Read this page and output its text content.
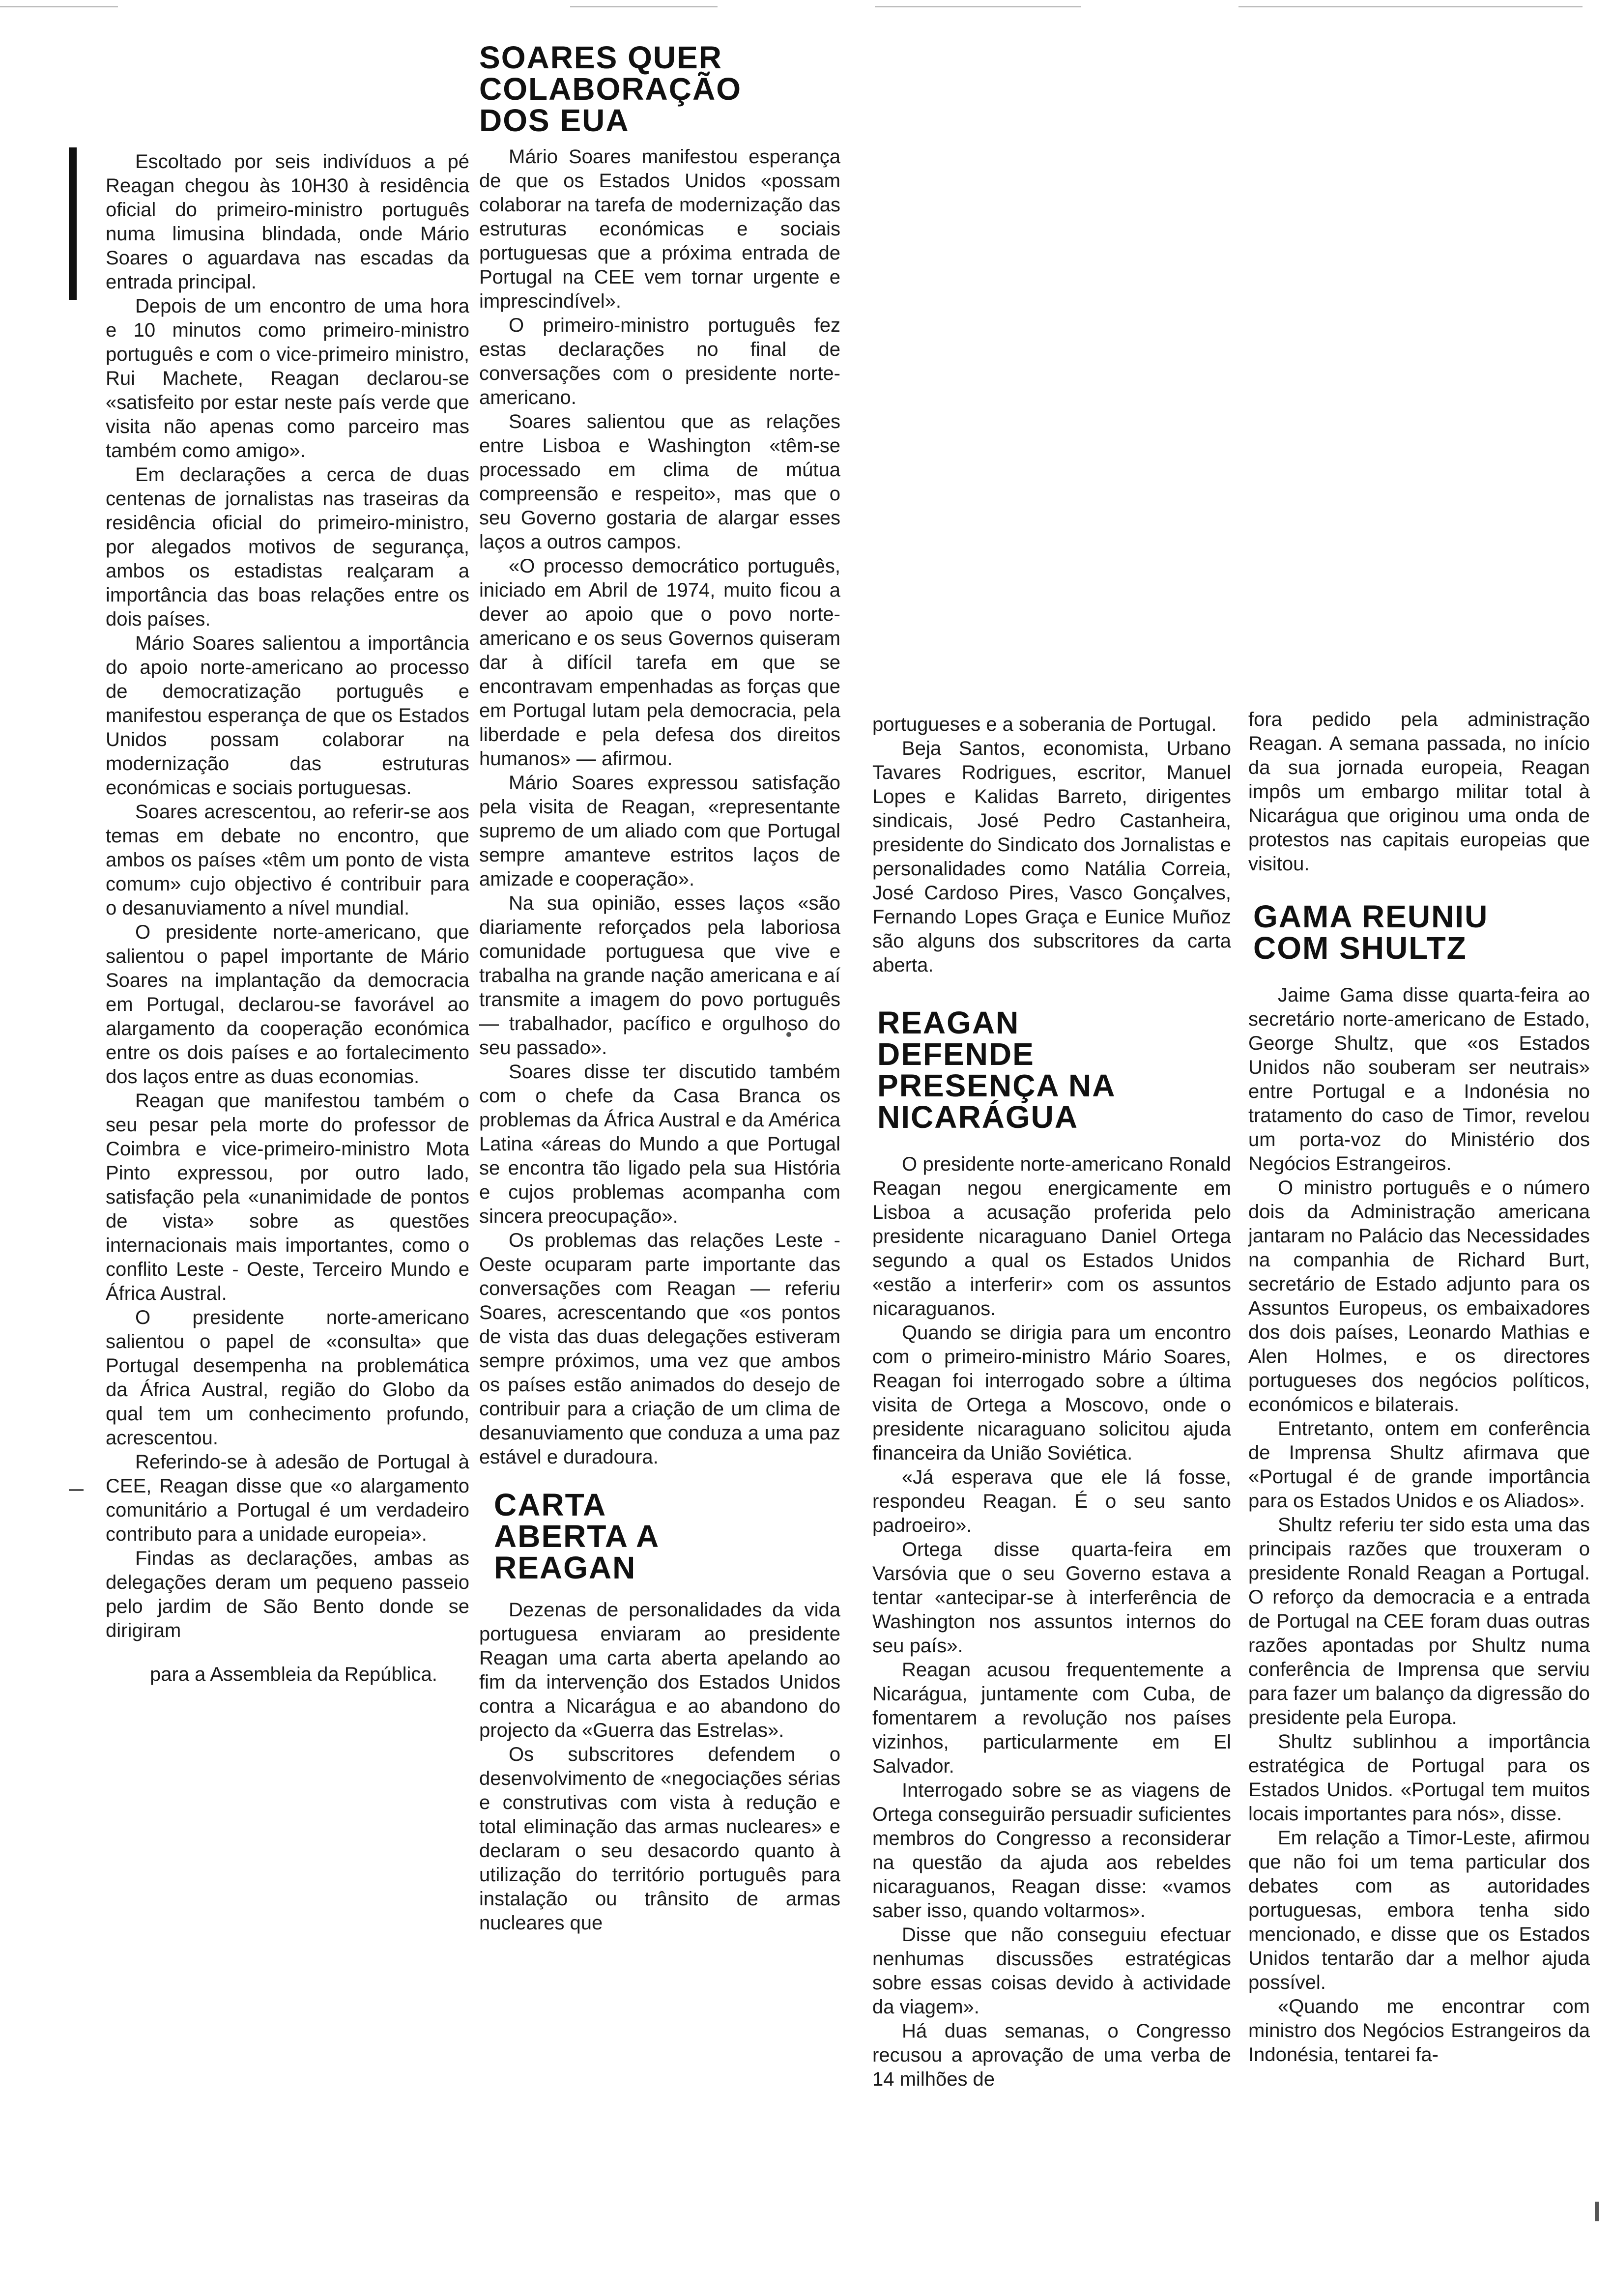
Escoltado por seis indivíduos a pé Reagan chegou às 10H30 à residência oficial do primeiro-ministro português numa limusina blindada, onde Mário Soares o aguardava nas escadas da entrada principal.

Depois de um encontro de uma hora e 10 minutos como primeiro-ministro português e com o vice-primeiro ministro, Rui Machete, Reagan declarou-se «satisfeito por estar neste país verde que visita não apenas como parceiro mas também como amigo».

Em declarações a cerca de duas centenas de jornalistas nas traseiras da residência oficial do primeiro-ministro, por alegados motivos de segurança, ambos os estadistas realçaram a importância das boas relações entre os dois países.

Mário Soares salientou a importância do apoio norte-americano ao processo de democratização português e manifestou esperança de que os Estados Unidos possam colaborar na modernização das estruturas económicas e sociais portuguesas.

Soares acrescentou, ao referir-se aos temas em debate no encontro, que ambos os países «têm um ponto de vista comum» cujo objectivo é contribuir para o desanuviamento a nível mundial.

O presidente norte-americano, que salientou o papel importante de Mário Soares na implantação da democracia em Portugal, declarou-se favorável ao alargamento da cooperação económica entre os dois países e ao fortalecimento dos laços entre as duas economias.

Reagan que manifestou também o seu pesar pela morte do professor de Coimbra e vice-primeiro-ministro Mota Pinto expressou, por outro lado, satisfação pela «unanimidade de pontos de vista» sobre as questões internacionais mais importantes, como o conflito Leste - Oeste, Terceiro Mundo e África Austral.

O presidente norte-americano salientou o papel de «consulta» que Portugal desempenha na problemática da África Austral, região do Globo da qual tem um conhecimento profundo, acrescentou.

Referindo-se à adesão de Portugal à CEE, Reagan disse que «o alargamento comunitário a Portugal é um verdadeiro contributo para a unidade europeia».

Findas as declarações, ambas as delegações deram um pequeno passeio pelo jardim de São Bento donde se dirigiram

para a Assembleia da República.

SOARES QUER COLABORAÇÃO DOS EUA

Mário Soares manifestou esperança de que os Estados Unidos «possam colaborar na tarefa de modernização das estruturas económicas e sociais portuguesas que a próxima entrada de Portugal na CEE vem tornar urgente e imprescindível».

O primeiro-ministro português fez estas declarações no final de conversações com o presidente norte-americano.

Soares salientou que as relações entre Lisboa e Washington «têm-se processado em clima de mútua compreensão e respeito», mas que o seu Governo gostaria de alargar esses laços a outros campos.

«O processo democrático português, iniciado em Abril de 1974, muito ficou a dever ao apoio que o povo norte-americano e os seus Governos quiseram dar à difícil tarefa em que se encontravam empenhadas as forças que em Portugal lutam pela democracia, pela liberdade e pela defesa dos direitos humanos» — afirmou.

Mário Soares expressou satisfação pela visita de Reagan, «representante supremo de um aliado com que Portugal sempre amanteve estritos laços de amizade e cooperação».

Na sua opinião, esses laços «são diariamente reforçados pela laboriosa comunidade portuguesa que vive e trabalha na grande nação americana e aí transmite a imagem do povo português — trabalhador, pacífico e orgulhoso do seu passado».

Soares disse ter discutido também com o chefe da Casa Branca os problemas da África Austral e da América Latina «áreas do Mundo a que Portugal se encontra tão ligado pela sua História e cujos problemas acompanha com sincera preocupação».

Os problemas das relações Leste - Oeste ocuparam parte importante das conversações com Reagan — referiu Soares, acrescentando que «os pontos de vista das duas delegações estiveram sempre próximos, uma vez que ambos os países estão animados do desejo de contribuir para a criação de um clima de desanuviamento que conduza a uma paz estável e duradoura.

CARTA ABERTA A REAGAN

Dezenas de personalidades da vida portuguesa enviaram ao presidente Reagan uma carta aberta apelando ao fim da intervenção dos Estados Unidos contra a Nicarágua e ao abandono do projecto da «Guerra das Estrelas».

Os subscritores defendem o desenvolvimento de «negociações sérias e construtivas com vista à redução e total eliminação das armas nucleares» e declaram o seu desacordo quanto à utilização do território português para instalação ou trânsito de armas nucleares que

portugueses e a soberania de Portugal.

Beja Santos, economista, Urbano Tavares Rodrigues, escritor, Manuel Lopes e Kalidas Barreto, dirigentes sindicais, José Pedro Castanheira, presidente do Sindicato dos Jornalistas e personalidades como Natália Correia, José Cardoso Pires, Vasco Gonçalves, Fernando Lopes Graça e Eunice Muñoz são alguns dos subscritores da carta aberta.

REAGAN DEFENDE PRESENÇA NA NICARÁGUA

O presidente norte-americano Ronald Reagan negou energicamente em Lisboa a acusação proferida pelo presidente nicaraguano Daniel Ortega segundo a qual os Estados Unidos «estão a interferir» com os assuntos nicaraguanos.

Quando se dirigia para um encontro com o primeiro-ministro Mário Soares, Reagan foi interrogado sobre a última visita de Ortega a Moscovo, onde o presidente nicaraguano solicitou ajuda financeira da União Soviética.

«Já esperava que ele lá fosse, respondeu Reagan. É o seu santo padroeiro».

Ortega disse quarta-feira em Varsóvia que o seu Governo estava a tentar «antecipar-se à interferência de Washington nos assuntos internos do seu país».

Reagan acusou frequentemente a Nicarágua, juntamente com Cuba, de fomentarem a revolução nos países vizinhos, particularmente em El Salvador.

Interrogado sobre se as viagens de Ortega conseguirão persuadir suficientes membros do Congresso a reconsiderar na questão da ajuda aos rebeldes nicaraguanos, Reagan disse: «vamos saber isso, quando voltarmos».

Disse que não conseguiu efectuar nenhumas discussões estratégicas sobre essas coisas devido à actividade da viagem».

Há duas semanas, o Congresso recusou a aprovação de uma verba de 14 milhões de

fora pedido pela administração Reagan. A semana passada, no início da sua jornada europeia, Reagan impôs um embargo militar total à Nicarágua que originou uma onda de protestos nas capitais europeias que visitou.

GAMA REUNIU COM SHULTZ

Jaime Gama disse quarta-feira ao secretário norte-americano de Estado, George Shultz, que «os Estados Unidos não souberam ser neutrais» entre Portugal e a Indonésia no tratamento do caso de Timor, revelou um porta-voz do Ministério dos Negócios Estrangeiros.

O ministro português e o número dois da Administração americana jantaram no Palácio das Necessidades na companhia de Richard Burt, secretário de Estado adjunto para os Assuntos Europeus, os embaixadores dos dois países, Leonardo Mathias e Alen Holmes, e os directores portugueses dos negócios políticos, económicos e bilaterais.

Entretanto, ontem em conferência de Imprensa Shultz afirmava que «Portugal é de grande importância para os Estados Unidos e os Aliados».

Shultz referiu ter sido esta uma das principais razões que trouxeram o presidente Ronald Reagan a Portugal. O reforço da democracia e a entrada de Portugal na CEE foram duas outras razões apontadas por Shultz numa conferência de Imprensa que serviu para fazer um balanço da digressão do presidente pela Europa.

Shultz sublinhou a importância estratégica de Portugal para os Estados Unidos. «Portugal tem muitos locais importantes para nós», disse.

Em relação a Timor-Leste, afirmou que não foi um tema particular dos debates com as autoridades portuguesas, embora tenha sido mencionado, e disse que os Estados Unidos tentarão dar a melhor ajuda possível.

«Quando me encontrar com ministro dos Negócios Estrangeiros da Indonésia, tentarei fa-
